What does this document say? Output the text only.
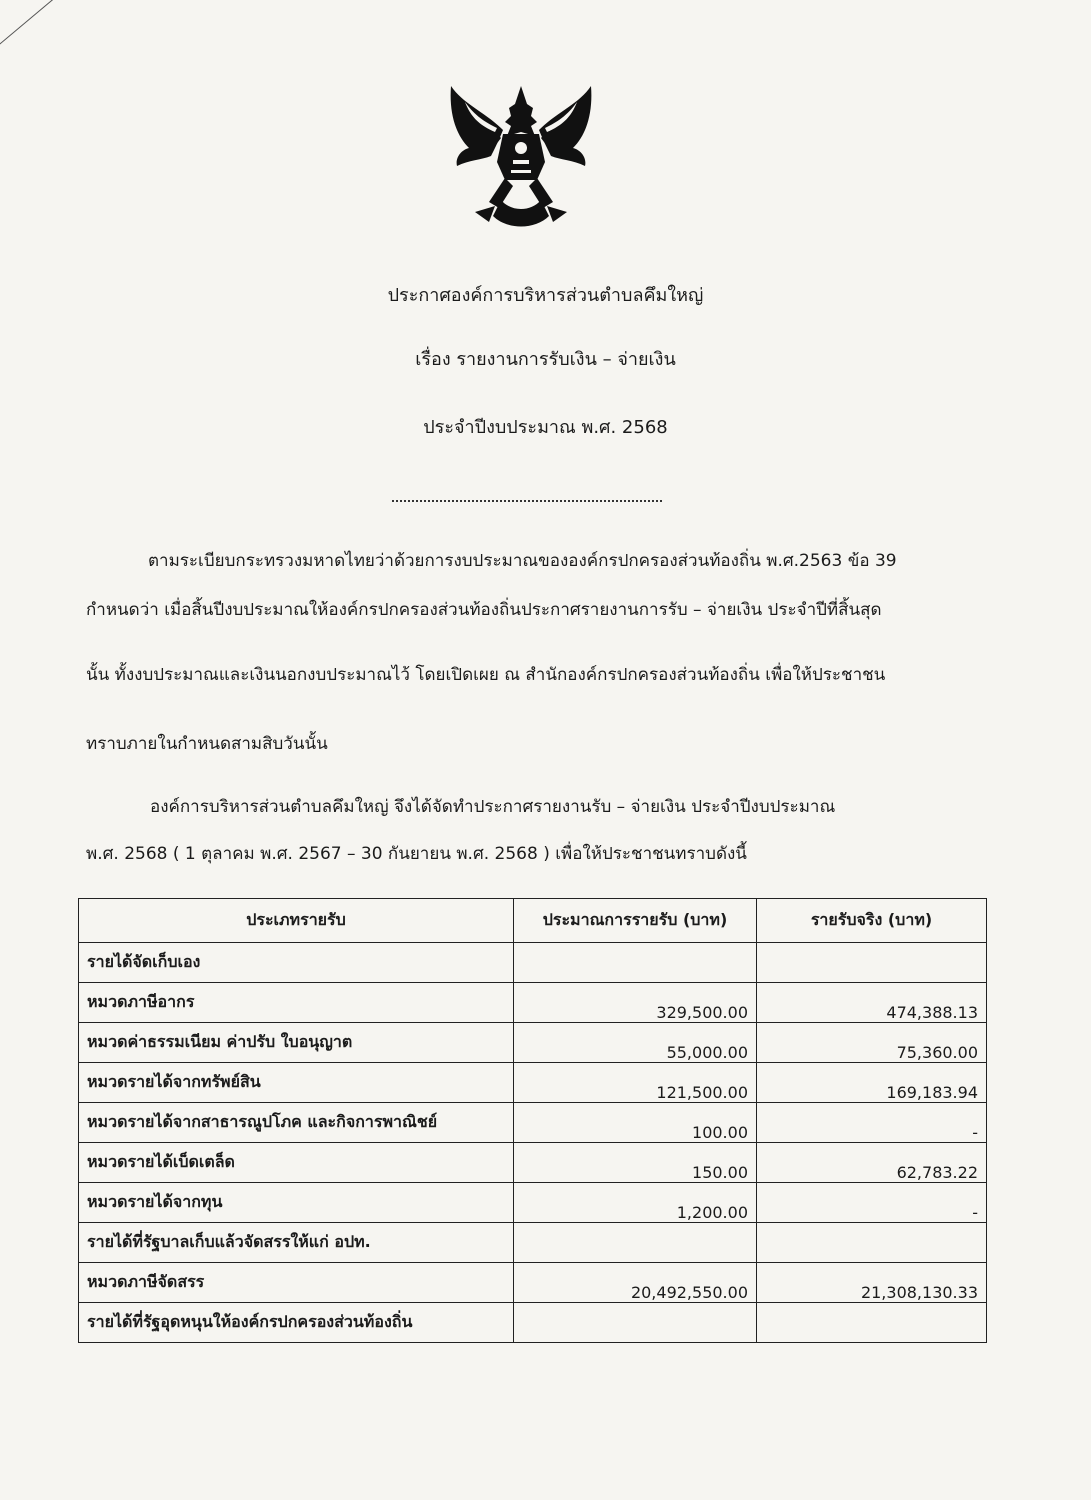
ประกาศองค์การบริหารส่วนตำบลคึมใหญ่
เรื่อง รายงานการรับเงิน – จ่ายเงิน
ประจำปีงบประมาณ พ.ศ. 2568
ตามระเบียบกระทรวงมหาดไทยว่าด้วยการงบประมาณขององค์กรปกครองส่วนท้องถิ่น พ.ศ.2563 ข้อ 39
กำหนดว่า เมื่อสิ้นปีงบประมาณให้องค์กรปกครองส่วนท้องถิ่นประกาศรายงานการรับ – จ่ายเงิน ประจำปีที่สิ้นสุด
นั้น ทั้งงบประมาณและเงินนอกงบประมาณไว้ โดยเปิดเผย ณ สำนักองค์กรปกครองส่วนท้องถิ่น เพื่อให้ประชาชน
ทราบภายในกำหนดสามสิบวันนั้น
องค์การบริหารส่วนตำบลคึมใหญ่ จึงได้จัดทำประกาศรายงานรับ – จ่ายเงิน ประจำปีงบประมาณ
พ.ศ. 2568 ( 1 ตุลาคม พ.ศ. 2567 – 30 กันยายน พ.ศ. 2568 ) เพื่อให้ประชาชนทราบดังนี้
ประเภทรายรับ	ประมาณการรายรับ (บาท)	รายรับจริง (บาท)
รายได้จัดเก็บเอง		
หมวดภาษีอากร	329,500.00	474,388.13
หมวดค่าธรรมเนียม ค่าปรับ ใบอนุญาต	55,000.00	75,360.00
หมวดรายได้จากทรัพย์สิน	121,500.00	169,183.94
หมวดรายได้จากสาธารณูปโภค และกิจการพาณิชย์	100.00	-
หมวดรายได้เบ็ดเตล็ด	150.00	62,783.22
หมวดรายได้จากทุน	1,200.00	-
รายได้ที่รัฐบาลเก็บแล้วจัดสรรให้แก่ อปท.		
หมวดภาษีจัดสรร	20,492,550.00	21,308,130.33
รายได้ที่รัฐอุดหนุนให้องค์กรปกครองส่วนท้องถิ่น		
